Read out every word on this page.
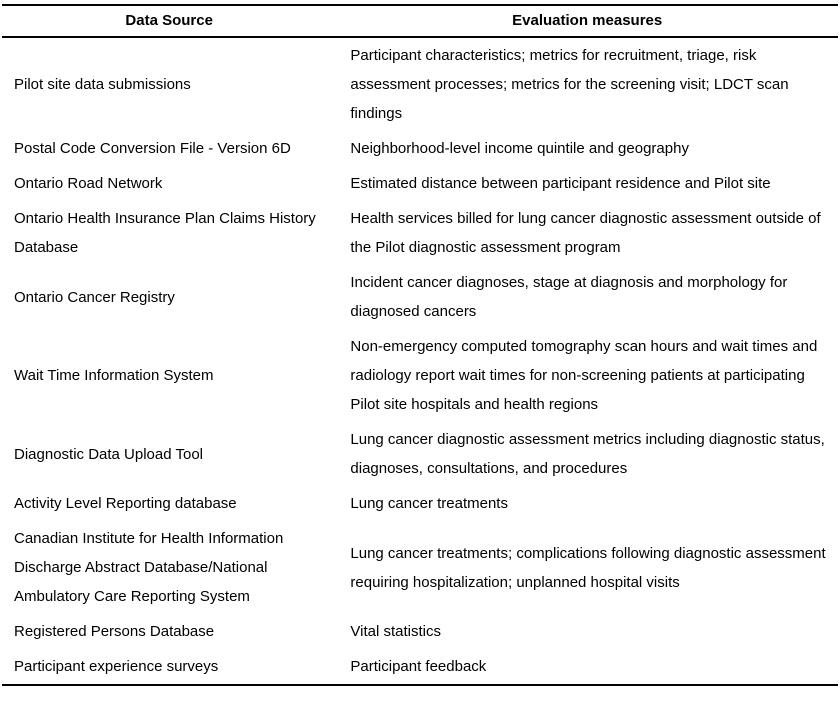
Data Source	Evaluation measures
Pilot site data submissions	Participant characteristics; metrics for recruitment, triage, risk assessment processes; metrics for the screening visit; LDCT scan findings
Postal Code Conversion File - Version 6D	Neighborhood-level income quintile and geography
Ontario Road Network	Estimated distance between participant residence and Pilot site
Ontario Health Insurance Plan Claims History Database	Health services billed for lung cancer diagnostic assessment outside of the Pilot diagnostic assessment program
Ontario Cancer Registry	Incident cancer diagnoses, stage at diagnosis and morphology for diagnosed cancers
Wait Time Information System	Non-emergency computed tomography scan hours and wait times and radiology report wait times for non-screening patients at participating Pilot site hospitals and health regions
Diagnostic Data Upload Tool	Lung cancer diagnostic assessment metrics including diagnostic status, diagnoses, consultations, and procedures
Activity Level Reporting database	Lung cancer treatments
Canadian Institute for Health Information Discharge Abstract Database/National Ambulatory Care Reporting System	Lung cancer treatments; complications following diagnostic assessment requiring hospitalization; unplanned hospital visits
Registered Persons Database	Vital statistics
Participant experience surveys	Participant feedback
